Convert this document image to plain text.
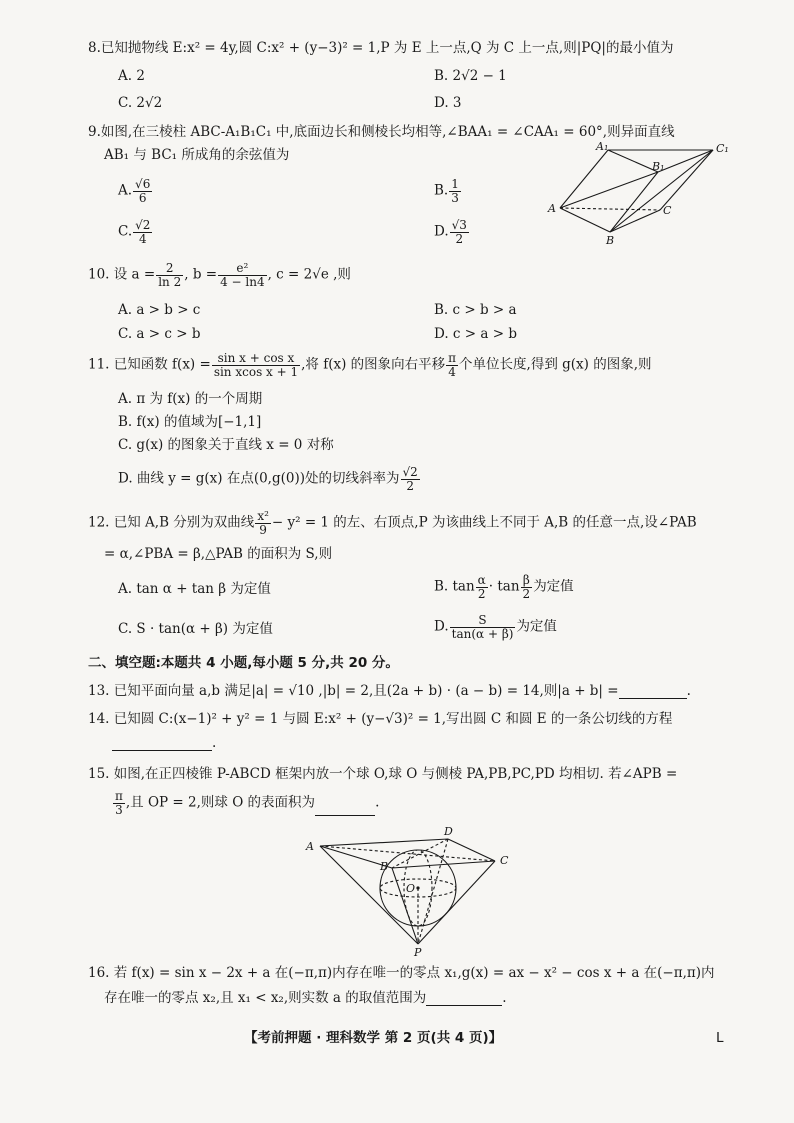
8.已知抛物线 E:x² = 4y,圆 C:x² + (y−3)² = 1,P 为 E 上一点,Q 为 C 上一点,则|PQ|的最小值为
A. 2	B. 2√2 − 1
C. 2√2	D. 3
9.如图,在三棱柱 ABC-A₁B₁C₁ 中,底面边长和侧棱长均相等,∠BAA₁ = ∠CAA₁ = 60°,则异面直线
AB₁ 与 BC₁ 所成角的余弦值为
A. $\frac{√6}{6}$	B. $\frac{1}{3}$
C. $\frac{√2}{4}$	D. $\frac{√3}{2}$
A₁	C₁
B₁
A	C
B
10. 设 $a = \frac{2}{\ln 2}$ , $b = \frac{\text{e²}}{4 - \ln 4}$ , c = 2√e ,则
A. a > b > c	B. c > b > a
C. a > c > b	D. c > a > b
11. 已知函数 $f(x) = \frac{\text{sin x + cos x}}{\text{sin xcos x + 1}}$ ,将 f(x) 的图象向右平移 $\frac{\pi}{4}$ 个单位长度,得到 g(x) 的图象,则
A. π 为 f(x) 的一个周期
B. f(x) 的值域为[−1,1]
C. g(x) 的图象关于直线 x = 0 对称
D. 曲线 y = g(x) 在点(0,g(0))处的切线斜率为 $\frac{√2}{2}$
12. 已知 A,B 分别为双曲线 $\frac{\text{x²}}{9} - y^2 = 1$ 的左、右顶点,P 为该曲线上不同于 A,B 的任意一点,设∠PAB
= α,∠PBA = β,△PAB 的面积为 S,则
A. tan α + tan β 为定值	B. $\tan \frac{\alpha}{2} \cdot \tan \frac{\beta}{2}$ 为定值
C. S · tan(α + β) 为定值	D. $\frac{S}{\tan(\alpha + \beta)}$ 为定值
二、填空题:本题共 4 小题,每小题 5 分,共 20 分。
13. 已知平面向量 a,b 满足|a| = √10 ,|b| = 2,且(2a + b) · (a − b) = 14,则|a + b| =	.
14. 已知圆 C:(x−1)² + y² = 1 与圆 E:x² + (y−√3)² = 1,写出圆 C 和圆 E 的一条公切线的方程
.
15. 如图,在正四棱锥 P-ABCD 框架内放一个球 O,球 O 与侧棱 PA,PB,PC,PD 均相切. 若∠APB =
$\frac{\pi}{3}$ ,且 OP = 2,则球 O 的表面积为	.
A
D
C
B
O
P
16. 若 f(x) = sin x − 2x + a 在(−π,π)内存在唯一的零点 x₁,g(x) = ax − x² − cos x + a 在(−π,π)内
存在唯一的零点 x₂,且 x₁ < x₂,则实数 a 的取值范围为	.
【考前押题 · 理科数学 第 2 页(共 4 页)】	L
